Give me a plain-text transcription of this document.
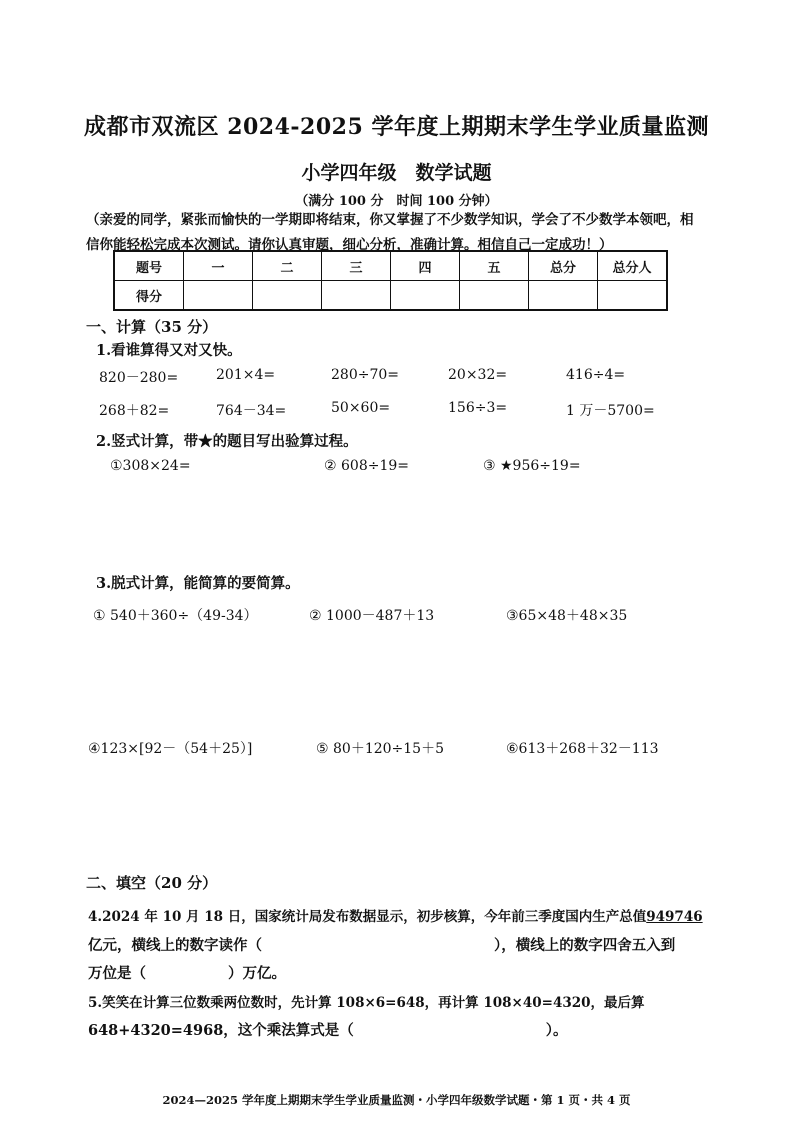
成都市双流区 2024-2025 学年度上期期末学生学业质量监测
小学四年级　数学试题
（满分 100 分　时间 100 分钟）
（亲爱的同学，紧张而愉快的一学期即将结束，你又掌握了不少数学知识，学会了不少数学本领吧，相信你能轻松完成本次测试。请你认真审题，细心分析，准确计算。相信自己一定成功！）
题号	一	二	三	四	五	总分	总分人
得分							
一、计算（35 分）
1.看谁算得又对又快。
820－280=	201×4=	280÷70=	20×32=	416÷4=
268＋82=	764－34=	50×60=	156÷3=	1 万－5700=
2.竖式计算，带★的题目写出验算过程。
①308×24=	② 608÷19=	③ ★956÷19=
3.脱式计算，能简算的要简算。
① 540＋360÷（49-34）	② 1000－487＋13	③65×48＋48×35
④123×[92－（54＋25）]	⑤ 80＋120÷15＋5	⑥613＋268＋32－113
二、填空（20 分）
4.2024 年 10 月 18 日，国家统计局发布数据显示，初步核算，今年前三季度国内生产总值949746
亿元，横线上的数字读作（	），横线上的数字四舍五入到
万位是（	）万亿。
5.笑笑在计算三位数乘两位数时，先计算 108×6=648，再计算 108×40=4320，最后算
648+4320=4968，这个乘法算式是（	）。
2024—2025 学年度上期期末学生学业质量监测・小学四年级数学试题・第 1 页・共 4 页
